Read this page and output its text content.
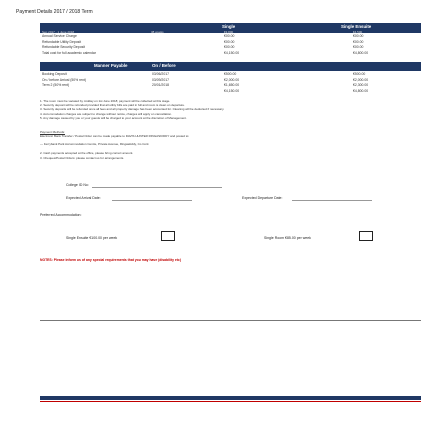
Payment Details 2017 / 2018 Term
Single	Single Ensuite
Sep 2017 - 1 June 2018	38 weeks	€3,800	€4,500
Annual Service Charge	€00.00	€00.00
Refundable Utility Deposit	€00.00	€00.00
Refundable Security Deposit	€00.00	€00.00
Total cost for full academic calendar	€4,150.00	€4,800.00
Manner Payable	On / Before
Booking Deposit	03/06/2017	€500.00	€500.00
On / before Arrival (50% rent)	03/09/2017	€2,000.00	€2,000.00
Term 2 (50% rent)	20/01/2018	€1,650.00	€2,300.00
€4,150.00	€4,800.00
1. The room must be vacated by midday on 1st June 2018; payment will be collected at this stage.
2. Security deposit will be refunded provided that all utility bills are paid in full and room is clean on departure.
3. Security deposits will be refunded once all fees and all property damage has been accounted for. Cleaning will be deducted if necessary.
4. Accommodation charges are subject to change without notice, charges will apply on cancellation.
5. Any damage caused by you or your guests will be charged to your account at the discretion of Management.
Payment Methods:
Electronic Bank Transfer / Postal Order can be made payable to DAVIS HUNTER RINGASKIDDY and posted to:
— Ferrybank Park Accommodation Centre, Private Avenue, Ringaskiddy, Co Cork
2. Cash payments accepted at the office, please bring correct amount.
3. Cheques/Postal Orders: please contact us for arrangements.
College ID No:
Expected Arrival Date:	Expected Departure Date:
Preferred Accommodation:
Single Ensuite €100.00 per week	Single Room €85.00 per week
NOTES: Please inform us of any special requirements that you may have (disability etc)
